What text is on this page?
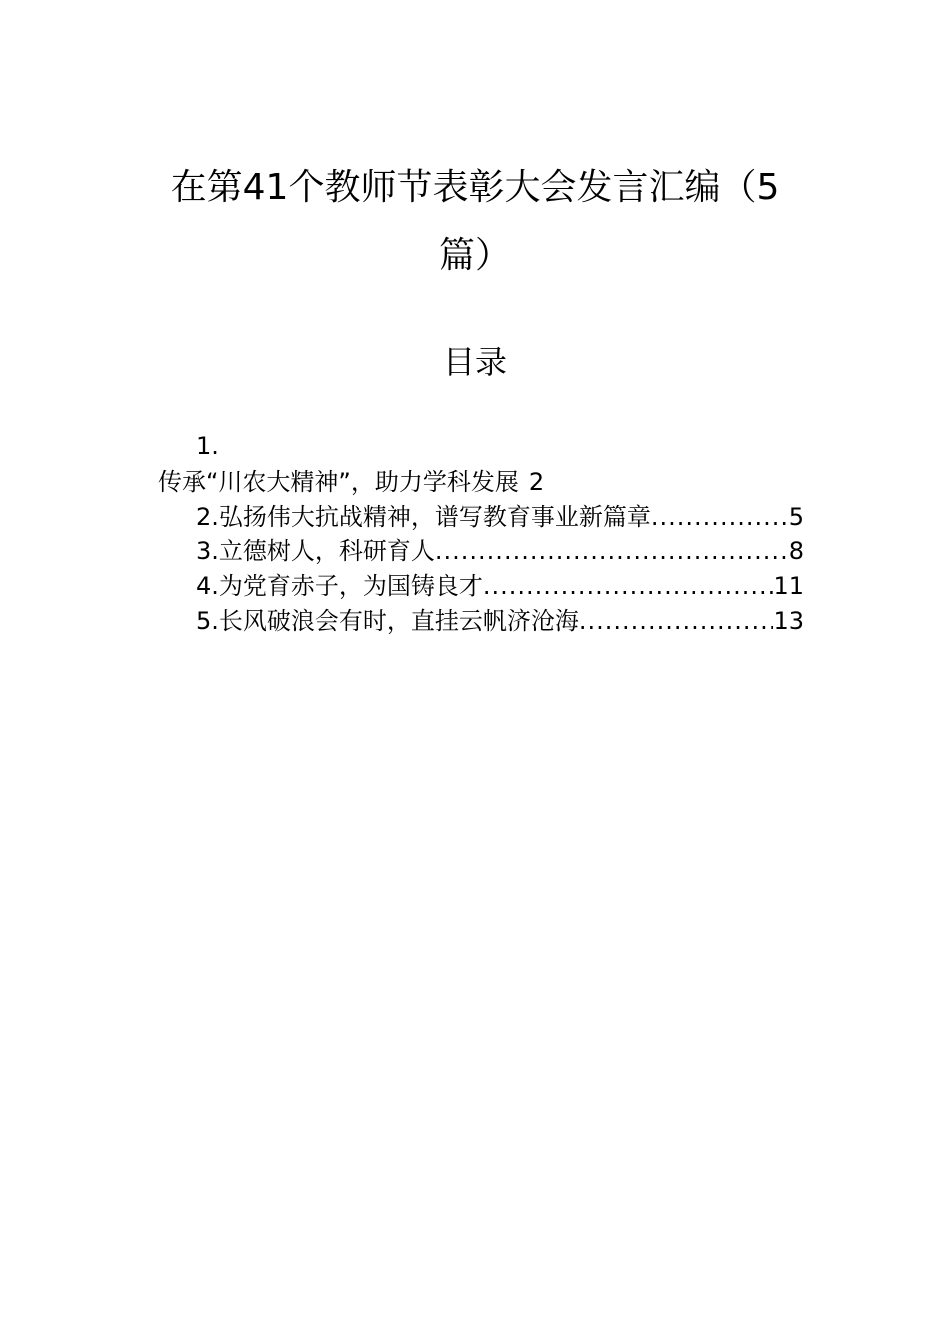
在第41个教师节表彰大会发言汇编（5
篇）
目录
1.
传承“川农大精神”，助力学科发展 2
2.弘扬伟大抗战精神，谱写教育事业新篇章 .....	5
3.立德树人，科研育人 .....	8
4.为党育赤子，为国铸良才 .....	11
5.长风破浪会有时，直挂云帆济沧海 .....	13
